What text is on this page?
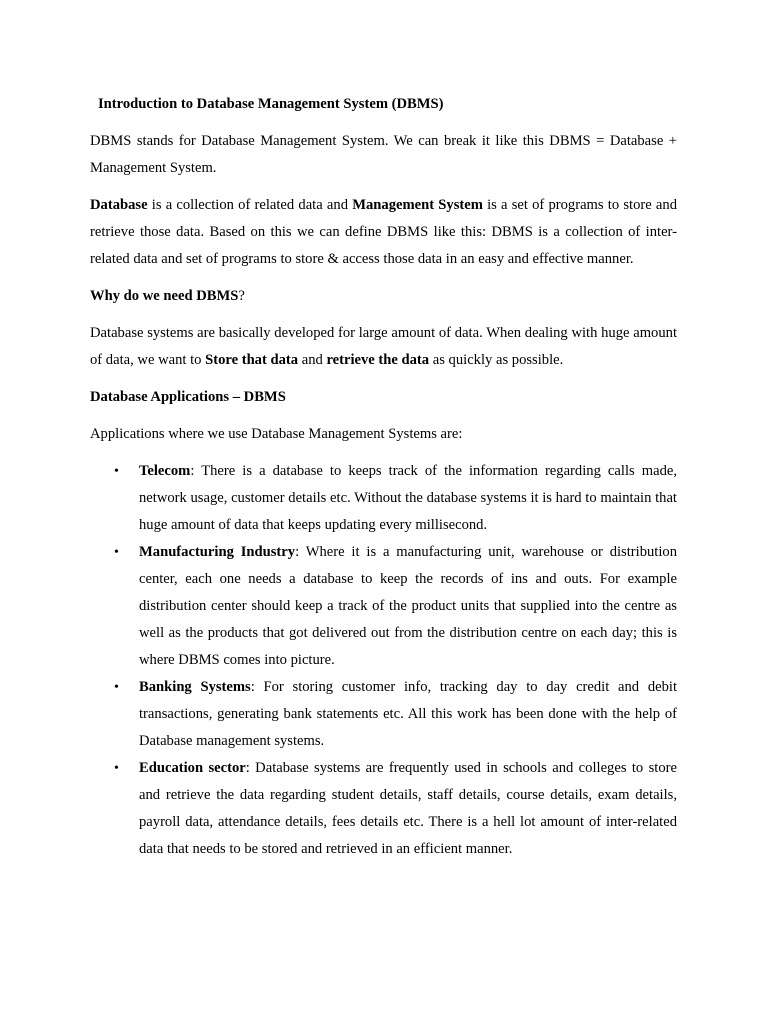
Introduction to Database Management System (DBMS)

DBMS stands for Database Management System. We can break it like this DBMS = Database + Management System.

Database is a collection of related data and Management System is a set of programs to store and retrieve those data. Based on this we can define DBMS like this: DBMS is a collection of inter-related data and set of programs to store & access those data in an easy and effective manner.

Why do we need DBMS?

Database systems are basically developed for large amount of data. When dealing with huge amount of data, we want to Store that data and retrieve the data as quickly as possible.

Database Applications – DBMS

Applications where we use Database Management Systems are:

• Telecom: There is a database to keeps track of the information regarding calls made, network usage, customer details etc. Without the database systems it is hard to maintain that huge amount of data that keeps updating every millisecond.
• Manufacturing Industry: Where it is a manufacturing unit, warehouse or distribution center, each one needs a database to keep the records of ins and outs. For example distribution center should keep a track of the product units that supplied into the centre as well as the products that got delivered out from the distribution centre on each day; this is where DBMS comes into picture.
• Banking Systems: For storing customer info, tracking day to day credit and debit transactions, generating bank statements etc. All this work has been done with the help of Database management systems.
• Education sector: Database systems are frequently used in schools and colleges to store and retrieve the data regarding student details, staff details, course details, exam details, payroll data, attendance details, fees details etc. There is a hell lot amount of inter-related data that needs to be stored and retrieved in an efficient manner.
